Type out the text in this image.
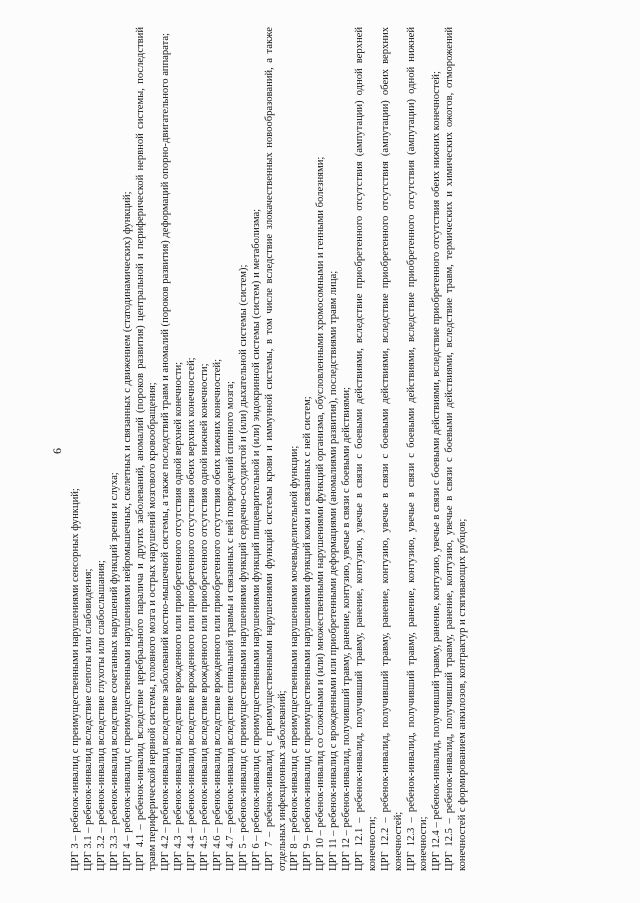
6

ЦРГ 3 – ребенок-инвалид с преимущественными нарушениями сенсорных функций; ЦРГ 3.1 – ребенок-инвалид вследствие слепоты или слабовидения; ЦРГ 3.2 – ребенок-инвалид вследствие глухоты или слабослышания; ЦРГ 3.3 – ребенок-инвалид вследствие сочетанных нарушений функций зрения и слуха; ЦРГ 4 – ребенок-инвалид с преимущественными нарушениями нейромышечных, скелетных и связанных с движением (статодинамических) функций; ЦРГ 4.1 – ребенок-инвалид вследствие церебрального паралича и других заболеваний, аномалий (пороков развития) центральной и периферической нервной системы, последствий травм периферической нервной системы, головного мозга и острых нарушений мозгового кровообращения; ЦРГ 4.2 – ребенок-инвалид вследствие заболеваний костно-мышечной системы, а также последствий травм и аномалий (пороков развития) деформаций опорно-двигательного аппарата; ЦРГ 4.3 – ребенок-инвалид вследствие врожденного или приобретенного отсутствия одной верхней конечности; ЦРГ 4.4 – ребенок-инвалид вследствие врожденного или приобретенного отсутствия обеих верхних конечностей; ЦРГ 4.5 – ребенок-инвалид вследствие врожденного или приобретенного отсутствия одной нижней конечности; ЦРГ 4.6 – ребенок-инвалид вследствие врожденного или приобретенного отсутствия обеих нижних конечностей; ЦРГ 4.7 – ребенок-инвалид вследствие спинальной травмы и связанных с ней повреждений спинного мозга; ЦРГ 5 – ребенок-инвалид с преимущественными нарушениями функций сердечно-сосудистой и (или) дыхательной системы (систем); ЦРГ 6 – ребенок-инвалид с преимущественными нарушениями функций пищеварительной и (или) эндокринной системы (систем) и метаболизма; ЦРГ 7 – ребенок-инвалид с преимущественными нарушениями функций системы крови и иммунной системы, в том числе вследствие злокачественных новообразований, а также отдельных инфекционных заболеваний; ЦРГ 8 – ребенок-инвалид с преимущественными нарушениями мочевыделительной функции; ЦРГ 9 – ребенок-инвалид с преимущественными нарушениями функций кожи и связанных с ней систем; ЦРГ 10 – ребенок-инвалид со сложными и (или) множественными нарушениями функций организма, обусловленными хромосомными и генными болезнями; ЦРГ 11 – ребенок-инвалид с врожденными или приобретенными деформациями (аномалиями развития), последствиями травм лица; ЦРГ 12 – ребенок-инвалид, получивший травму, ранение, контузию, увечье в связи с боевыми действиями; ЦРГ 12.1 – ребенок-инвалид, получивший травму, ранение, контузию, увечье в связи с боевыми действиями, вследствие приобретенного отсутствия (ампутации) одной верхней конечности; ЦРГ 12.2 – ребенок-инвалид, получивший травму, ранение, контузию, увечье в связи с боевыми действиями, вследствие приобретенного отсутствия (ампутации) обеих верхних конечностей; ЦРГ 12.3 – ребенок-инвалид, получивший травму, ранение, контузию, увечье в связи с боевыми действиями, вследствие приобретенного отсутствия (ампутации) одной нижней конечности; ЦРГ 12.4 – ребенок-инвалид, получивший травму, ранение, контузию, увечье в связи с боевыми действиями, вследствие приобретенного отсутствия обеих нижних конечностей; ЦРГ 12.5 – ребенок-инвалид, получивший травму, ранение, контузию, увечье в связи с боевыми действиями, вследствие травм, термических и химических ожогов, отморожений конечностей с формированием анкилозов, контрактур и стягивающих рубцов;
